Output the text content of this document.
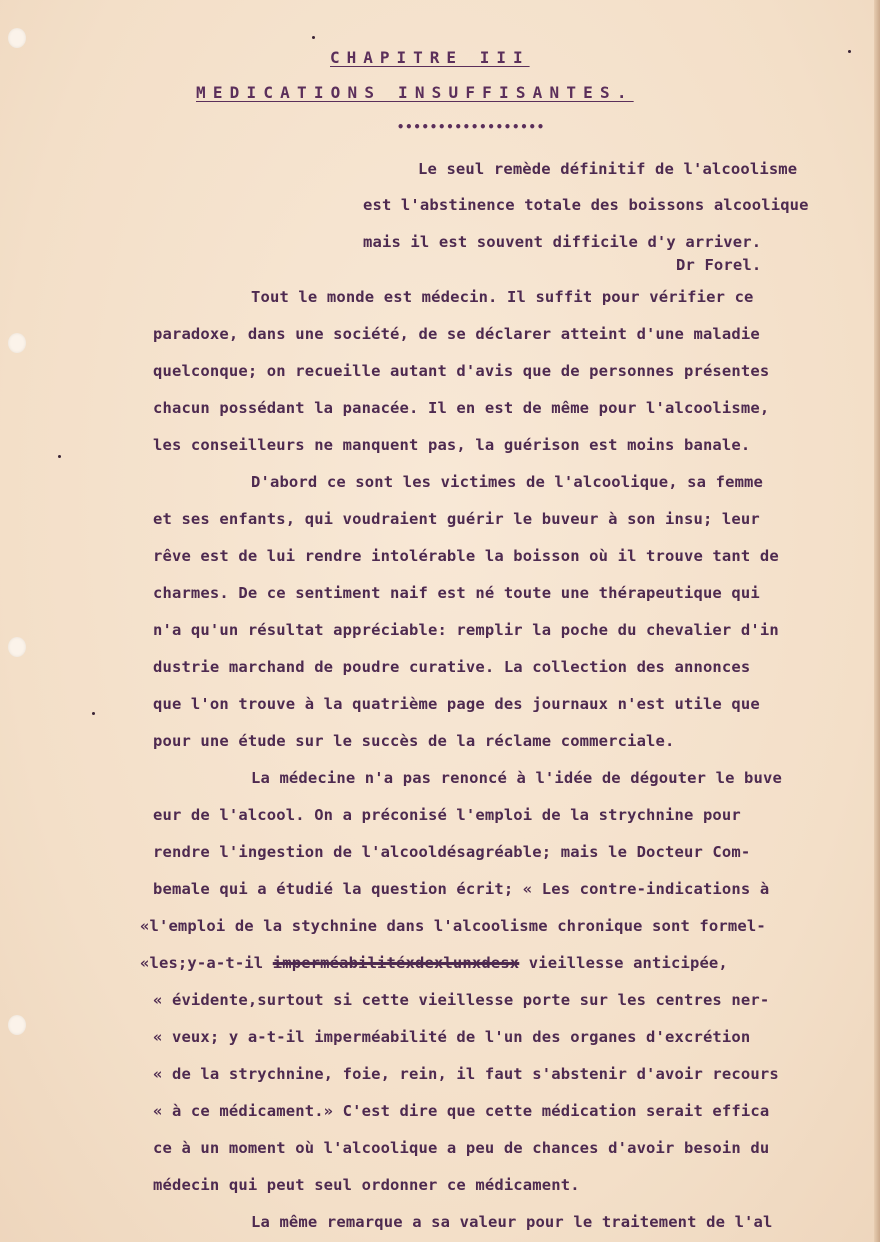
CHAPITRE III
MEDICATIONS INSUFFISANTES.
••••••••••••••••••
Le seul remède définitif de l'alcoolisme
est l'abstinence totale des boissons alcoolique
mais il est souvent difficile d'y arriver.
Dr Forel.
Tout le monde est médecin. Il suffit pour vérifier ce
paradoxe, dans une société, de se déclarer atteint d'une maladie
quelconque; on recueille autant d'avis que de personnes présentes
chacun possédant la panacée. Il en est de même pour l'alcoolisme,
les conseilleurs ne manquent pas, la guérison est moins banale.
D'abord ce sont les victimes de l'alcoolique, sa femme
et ses enfants, qui voudraient guérir le buveur à son insu; leur
rêve est de lui rendre intolérable la boisson où il trouve tant de
charmes. De ce sentiment naif est né toute une thérapeutique qui
n'a qu'un résultat appréciable: remplir la poche du chevalier d'in
dustrie marchand de poudre curative. La collection des annonces
que l'on trouve à la quatrième page des journaux n'est utile que
pour une étude sur le succès de la réclame commerciale.
La médecine n'a pas renoncé à l'idée de dégouter le buve
eur de l'alcool. On a préconisé l'emploi de la strychnine pour
rendre l'ingestion de l'alcooldésagréable; mais le Docteur Com-
bemale qui a étudié la question écrit; « Les contre-indications à
«l'emploi de la stychnine dans l'alcoolisme chronique sont formel-
«les;y-a-t-il imperméabilitéxdexlunxdesx vieillesse anticipée,
« évidente,surtout si cette vieillesse porte sur les centres ner-
« veux; y a-t-il imperméabilité de l'un des organes d'excrétion
« de la strychnine, foie, rein, il faut s'abstenir d'avoir recours
« à ce médicament.» C'est dire que cette médication serait effica
ce à un moment où l'alcoolique a peu de chances d'avoir besoin du
médecin qui peut seul ordonner ce médicament.
La même remarque a sa valeur pour le traitement de l'al
